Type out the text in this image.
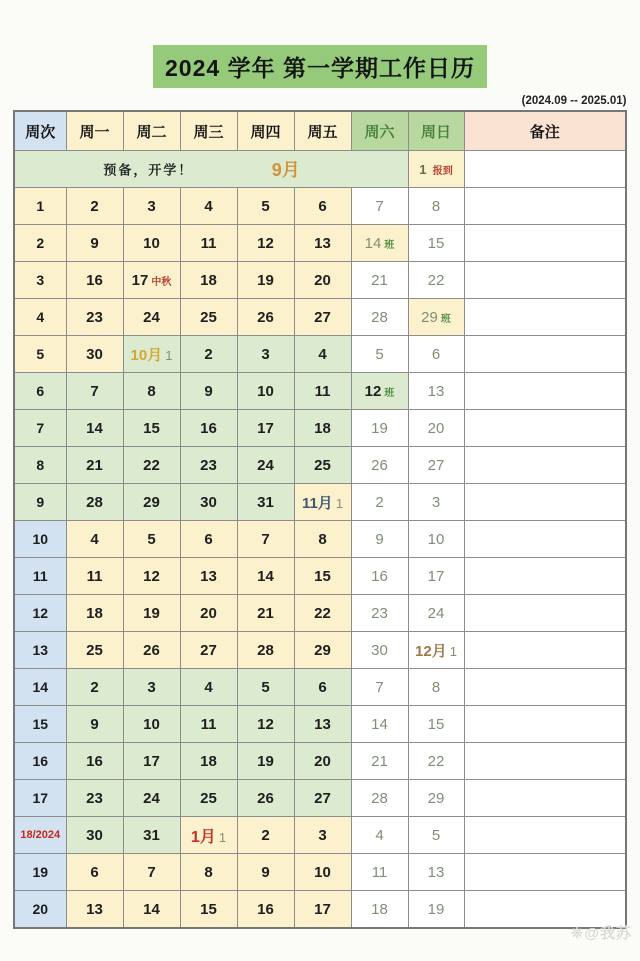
2024 学年 第一学期工作日历
(2024.09 -- 2025.01)
周次	周一	周二	周三	周四	周五	周六	周日	备注

预备，开学！ 9月							1 报到	
1	2	3	4	5	6	7	8	
2	9	10	11	12	13	14 班	15	
3	16	17 中秋	18	19	20	21	22	
4	23	24	25	26	27	28	29 班	
5	30	10月 1	2	3	4	5	6	
6	7	8	9	10	11	12 班	13	
7	14	15	16	17	18	19	20	
8	21	22	23	24	25	26	27	
9	28	29	30	31	11月 1	2	3	
10	4	5	6	7	8	9	10	
11	11	12	13	14	15	16	17	
12	18	19	20	21	22	23	24	
13	25	26	27	28	29	30	12月 1	
14	2	3	4	5	6	7	8	
15	9	10	11	12	13	14	15	
16	16	17	18	19	20	21	22	
17	23	24	25	26	27	28	29	
18/2024	30	31	1月 1	2	3	4	5	
19	6	7	8	9	10	11	13	
20	13	14	15	16	17	18	19	
❋@我苏
